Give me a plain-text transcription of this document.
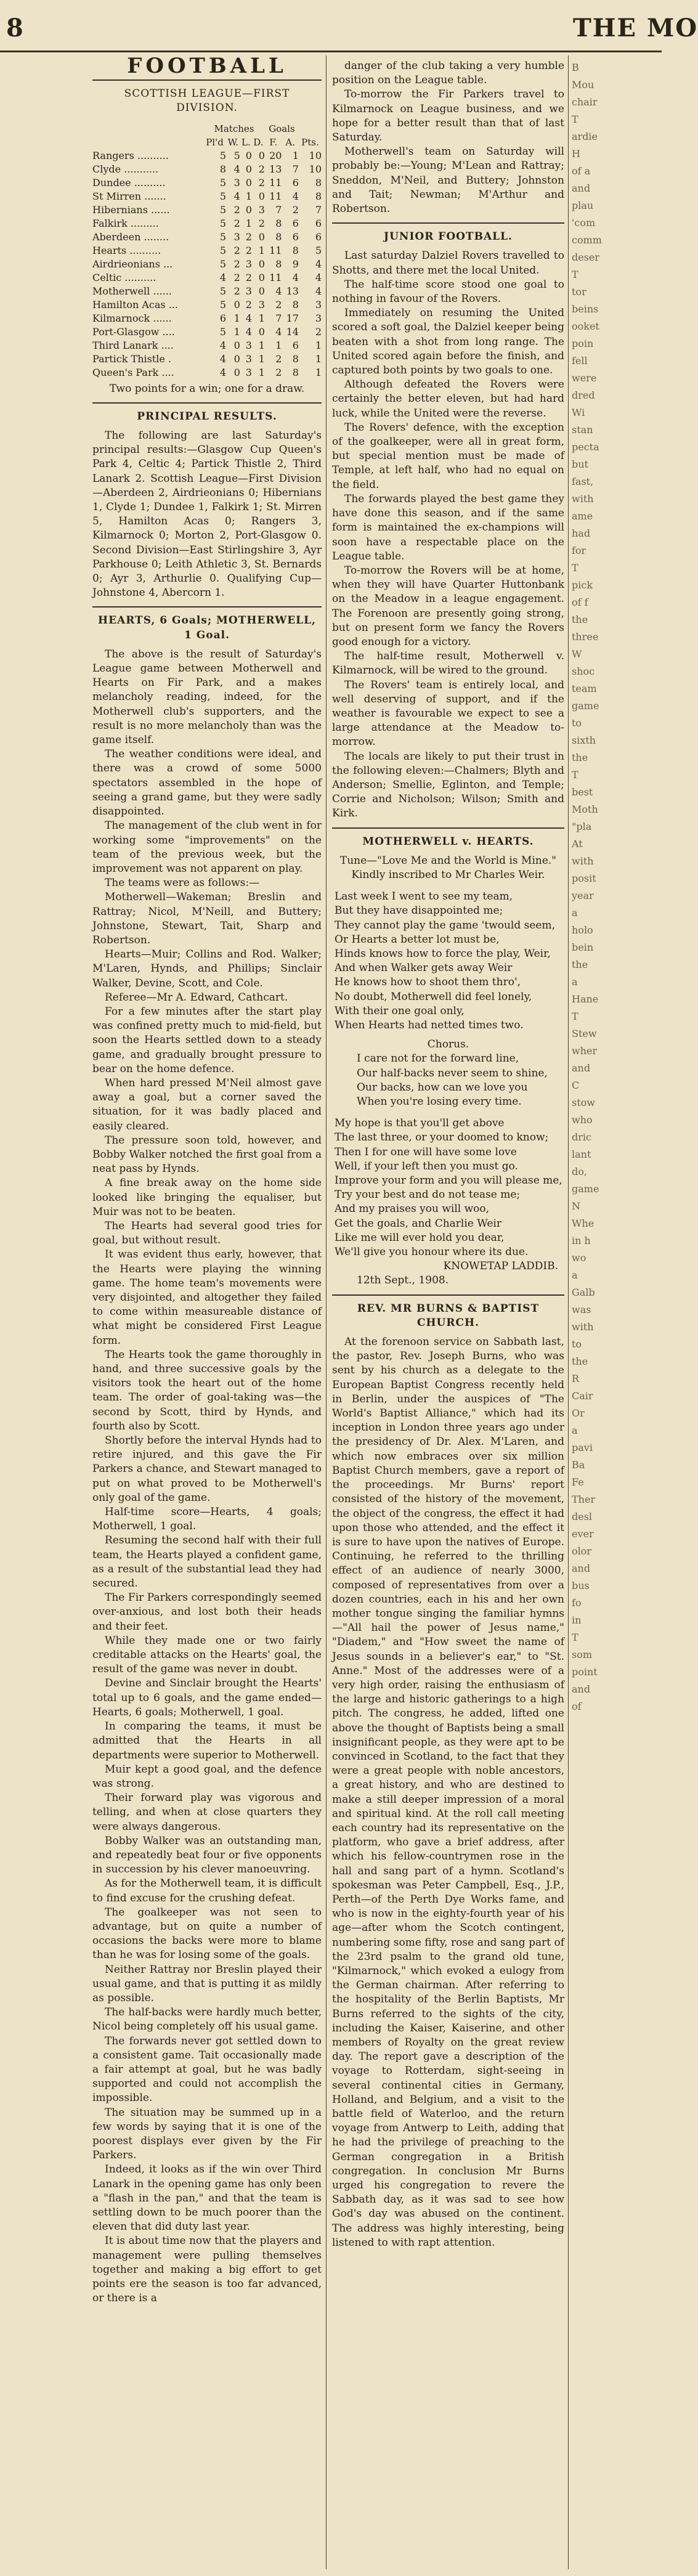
8	THE MO
FOOTBALL
SCOTTISH LEAGUE—FIRST DIVISION.
	Matches				Goals		
	Pl'd	W.	L.	D.	F.	A.	Pts.
Rangers ..........	5	5	0	0	20	1	10
Clyde ...........	8	4	0	2	13	7	10
Dundee ..........	5	3	0	2	11	6	8
St Mirren .......	5	4	1	0	11	4	8
Hibernians ......	5	2	0	3	7	2	7
Falkirk .........	5	2	1	2	8	6	6
Aberdeen ........	5	3	2	0	8	6	6
Hearts ..........	5	2	2	1	11	8	5
Airdrieonians ...	5	2	3	0	8	9	4
Celtic ..........	4	2	2	0	11	4	4
Motherwell ......	5	2	3	0	4	13	4
Hamilton Acas ...	5	0	2	3	2	8	3
Kilmarnock ......	6	1	4	1	7	17	3
Port-Glasgow ....	5	1	4	0	4	14	2
Third Lanark ....	4	0	3	1	1	6	1
Partick Thistle .	4	0	3	1	2	8	1
Queen's Park ....	4	0	3	1	2	8	1
Two points for a win; one for a draw.
PRINCIPAL RESULTS.

The following are last Saturday's principal results:—Glasgow Cup Queen's Park 4, Celtic 4; Partick Thistle 2, Third Lanark 2. Scottish League—First Division—Aberdeen 2, Airdrieonians 0; Hibernians 1, Clyde 1; Dundee 1, Falkirk 1; St. Mirren 5, Hamilton Acas 0; Rangers 3, Kilmarnock 0; Morton 2, Port-Glasgow 0. Second Division—East Stirlingshire 3, Ayr Parkhouse 0; Leith Athletic 3, St. Bernards 0; Ayr 3, Arthurlie 0. Qualifying Cup—Johnstone 4, Abercorn 1.

HEARTS, 6 Goals; MOTHERWELL, 1 Goal.

The above is the result of Saturday's League game between Motherwell and Hearts on Fir Park, and a makes melancholy reading, indeed, for the Motherwell club's supporters, and the result is no more melancholy than was the game itself.

The weather conditions were ideal, and there was a crowd of some 5000 spectators assembled in the hope of seeing a grand game, but they were sadly disappointed.

The management of the club went in for working some "improvements" on the team of the previous week, but the improvement was not apparent on play.

The teams were as follows:—

Motherwell—Wakeman; Breslin and Rattray; Nicol, M'Neill, and Buttery; Johnstone, Stewart, Tait, Sharp and Robertson.

Hearts—Muir; Collins and Rod. Walker; M'Laren, Hynds, and Phillips; Sinclair Walker, Devine, Scott, and Cole.

Referee—Mr A. Edward, Cathcart.

For a few minutes after the start play was confined pretty much to mid-field, but soon the Hearts settled down to a steady game, and gradually brought pressure to bear on the home defence.

When hard pressed M'Neil almost gave away a goal, but a corner saved the situation, for it was badly placed and easily cleared.

The pressure soon told, however, and Bobby Walker notched the first goal from a neat pass by Hynds.

A fine break away on the home side looked like bringing the equaliser, but Muir was not to be beaten.

The Hearts had several good tries for goal, but without result.

It was evident thus early, however, that the Hearts were playing the winning game. The home team's movements were very disjointed, and altogether they failed to come within measureable distance of what might be considered First League form.

The Hearts took the game thoroughly in hand, and three successive goals by the visitors took the heart out of the home team. The order of goal-taking was—the second by Scott, third by Hynds, and fourth also by Scott.

Shortly before the interval Hynds had to retire injured, and this gave the Fir Parkers a chance, and Stewart managed to put on what proved to be Motherwell's only goal of the game.

Half-time score—Hearts, 4 goals; Motherwell, 1 goal.

Resuming the second half with their full team, the Hearts played a confident game, as a result of the substantial lead they had secured.

The Fir Parkers correspondingly seemed over-anxious, and lost both their heads and their feet.

While they made one or two fairly creditable attacks on the Hearts' goal, the result of the game was never in doubt.

Devine and Sinclair brought the Hearts' total up to 6 goals, and the game ended—Hearts, 6 goals; Motherwell, 1 goal.

In comparing the teams, it must be admitted that the Hearts in all departments were superior to Motherwell.

Muir kept a good goal, and the defence was strong.

Their forward play was vigorous and telling, and when at close quarters they were always dangerous.

Bobby Walker was an outstanding man, and repeatedly beat four or five opponents in succession by his clever manoeuvring.

As for the Motherwell team, it is difficult to find excuse for the crushing defeat.

The goalkeeper was not seen to advantage, but on quite a number of occasions the backs were more to blame than he was for losing some of the goals.

Neither Rattray nor Breslin played their usual game, and that is putting it as mildly as possible.

The half-backs were hardly much better, Nicol being completely off his usual game.

The forwards never got settled down to a consistent game. Tait occasionally made a fair attempt at goal, but he was badly supported and could not accomplish the impossible.

The situation may be summed up in a few words by saying that it is one of the poorest displays ever given by the Fir Parkers.

Indeed, it looks as if the win over Third Lanark in the opening game has only been a "flash in the pan," and that the team is settling down to be much poorer than the eleven that did duty last year.

It is about time now that the players and management were pulling themselves together and making a big effort to get points ere the season is too far advanced, or there is a

danger of the club taking a very humble position on the League table.

To-morrow the Fir Parkers travel to Kilmarnock on League business, and we hope for a better result than that of last Saturday.

Motherwell's team on Saturday will probably be:—Young; M'Lean and Rattray; Sneddon, M'Neil, and Buttery; Johnston and Tait; Newman; M'Arthur and Robertson.

JUNIOR FOOTBALL.

Last saturday Dalziel Rovers travelled to Shotts, and there met the local United.

The half-time score stood one goal to nothing in favour of the Rovers.

Immediately on resuming the United scored a soft goal, the Dalziel keeper being beaten with a shot from long range. The United scored again before the finish, and captured both points by two goals to one.

Although defeated the Rovers were certainly the better eleven, but had hard luck, while the United were the reverse.

The Rovers' defence, with the exception of the goalkeeper, were all in great form, but special mention must be made of Temple, at left half, who had no equal on the field.

The forwards played the best game they have done this season, and if the same form is maintained the ex-champions will soon have a respectable place on the League table.

To-morrow the Rovers will be at home, when they will have Quarter Huttonbank on the Meadow in a league engagement. The Forenoon are presently going strong, but on present form we fancy the Rovers good enough for a victory.

The half-time result, Motherwell v. Kilmarnock, will be wired to the ground.

The Rovers' team is entirely local, and well deserving of support, and if the weather is favourable we expect to see a large attendance at the Meadow to-morrow.

The locals are likely to put their trust in the following eleven:—Chalmers; Blyth and Anderson; Smellie, Eglinton, and Temple; Corrie and Nicholson; Wilson; Smith and Kirk.

MOTHERWELL v. HEARTS.
Tune—"Love Me and the World is Mine."
Kindly inscribed to Mr Charles Weir.

Last week I went to see my team,

But they have disappointed me;

They cannot play the game 'twould seem,

Or Hearts a better lot must be,

Hinds knows how to force the play, Weir,

And when Walker gets away Weir

He knows how to shoot them thro',

No doubt, Motherwell did feel lonely,

With their one goal only,

When Hearts had netted times two.

Chorus.

I care not for the forward line,

Our half-backs never seem to shine,

Our backs, how can we love you

When you're losing every time.

My hope is that you'll get above

The last three, or your doomed to know;

Then I for one will have some love

Well, if your left then you must go.

Improve your form and you will please me,

Try your best and do not tease me;

And my praises you will woo,

Get the goals, and Charlie Weir

Like me will ever hold you dear,

We'll give you honour where its due.

KNOWETAP LADDIB.
12th Sept., 1908.
REV. MR BURNS & BAPTIST CHURCH.

At the forenoon service on Sabbath last, the pastor, Rev. Joseph Burns, who was sent by his church as a delegate to the European Baptist Congress recently held in Berlin, under the auspices of "The World's Baptist Alliance," which had its inception in London three years ago under the presidency of Dr. Alex. M'Laren, and which now embraces over six million Baptist Church members, gave a report of the proceedings. Mr Burns' report consisted of the history of the movement, the object of the congress, the effect it had upon those who attended, and the effect it is sure to have upon the natives of Europe. Continuing, he referred to the thrilling effect of an audience of nearly 3000, composed of representatives from over a dozen countries, each in his and her own mother tongue singing the familiar hymns—"All hail the power of Jesus name," "Diadem," and "How sweet the name of Jesus sounds in a believer's ear," to "St. Anne." Most of the addresses were of a very high order, raising the enthusiasm of the large and historic gatherings to a high pitch. The congress, he added, lifted one above the thought of Baptists being a small insignificant people, as they were apt to be convinced in Scotland, to the fact that they were a great people with noble ancestors, a great history, and who are destined to make a still deeper impression of a moral and spiritual kind. At the roll call meeting each country had its representative on the platform, who gave a brief address, after which his fellow-countrymen rose in the hall and sang part of a hymn. Scotland's spokesman was Peter Campbell, Esq., J.P., Perth—of the Perth Dye Works fame, and who is now in the eighty-fourth year of his age—after whom the Scotch contingent, numbering some fifty, rose and sang part of the 23rd psalm to the grand old tune, "Kilmarnock," which evoked a eulogy from the German chairman. After referring to the hospitality of the Berlin Baptists, Mr Burns referred to the sights of the city, including the Kaiser, Kaiserine, and other members of Royalty on the great review day. The report gave a description of the voyage to Rotterdam, sight-seeing in several continental cities in Germany, Holland, and Belgium, and a visit to the battle field of Waterloo, and the return voyage from Antwerp to Leith, adding that he had the privilege of preaching to the German congregation in a British congregation. In conclusion Mr Burns urged his congregation to revere the Sabbath day, as it was sad to see how God's day was abused on the continent. The address was highly interesting, being listened to with rapt attention.

B
Mou
chair
T
ardie
H
of a
and
plau
'com
comm
deser
T
tor
beins
ooket
poin
fell
were
dred
Wi
stan
pecta
but
fast,
with
ame
had
for
T
pick
of f
the
three
W
shoc
team
game
to
sixth
the
T
best
Moth
"pla
At
with
posit
year
a
holo
bein
the
a
Hane
T
Stew
wher
and
C
stow
who
dric
lant
do,
game
N
Whe
in h
wo
a
Galb
was
with
to
the
R
Cair
Or
a
pavi
Ba
Fe
Ther
desl
ever
olor
and
bus
fo
in
T
som
point
and
of
